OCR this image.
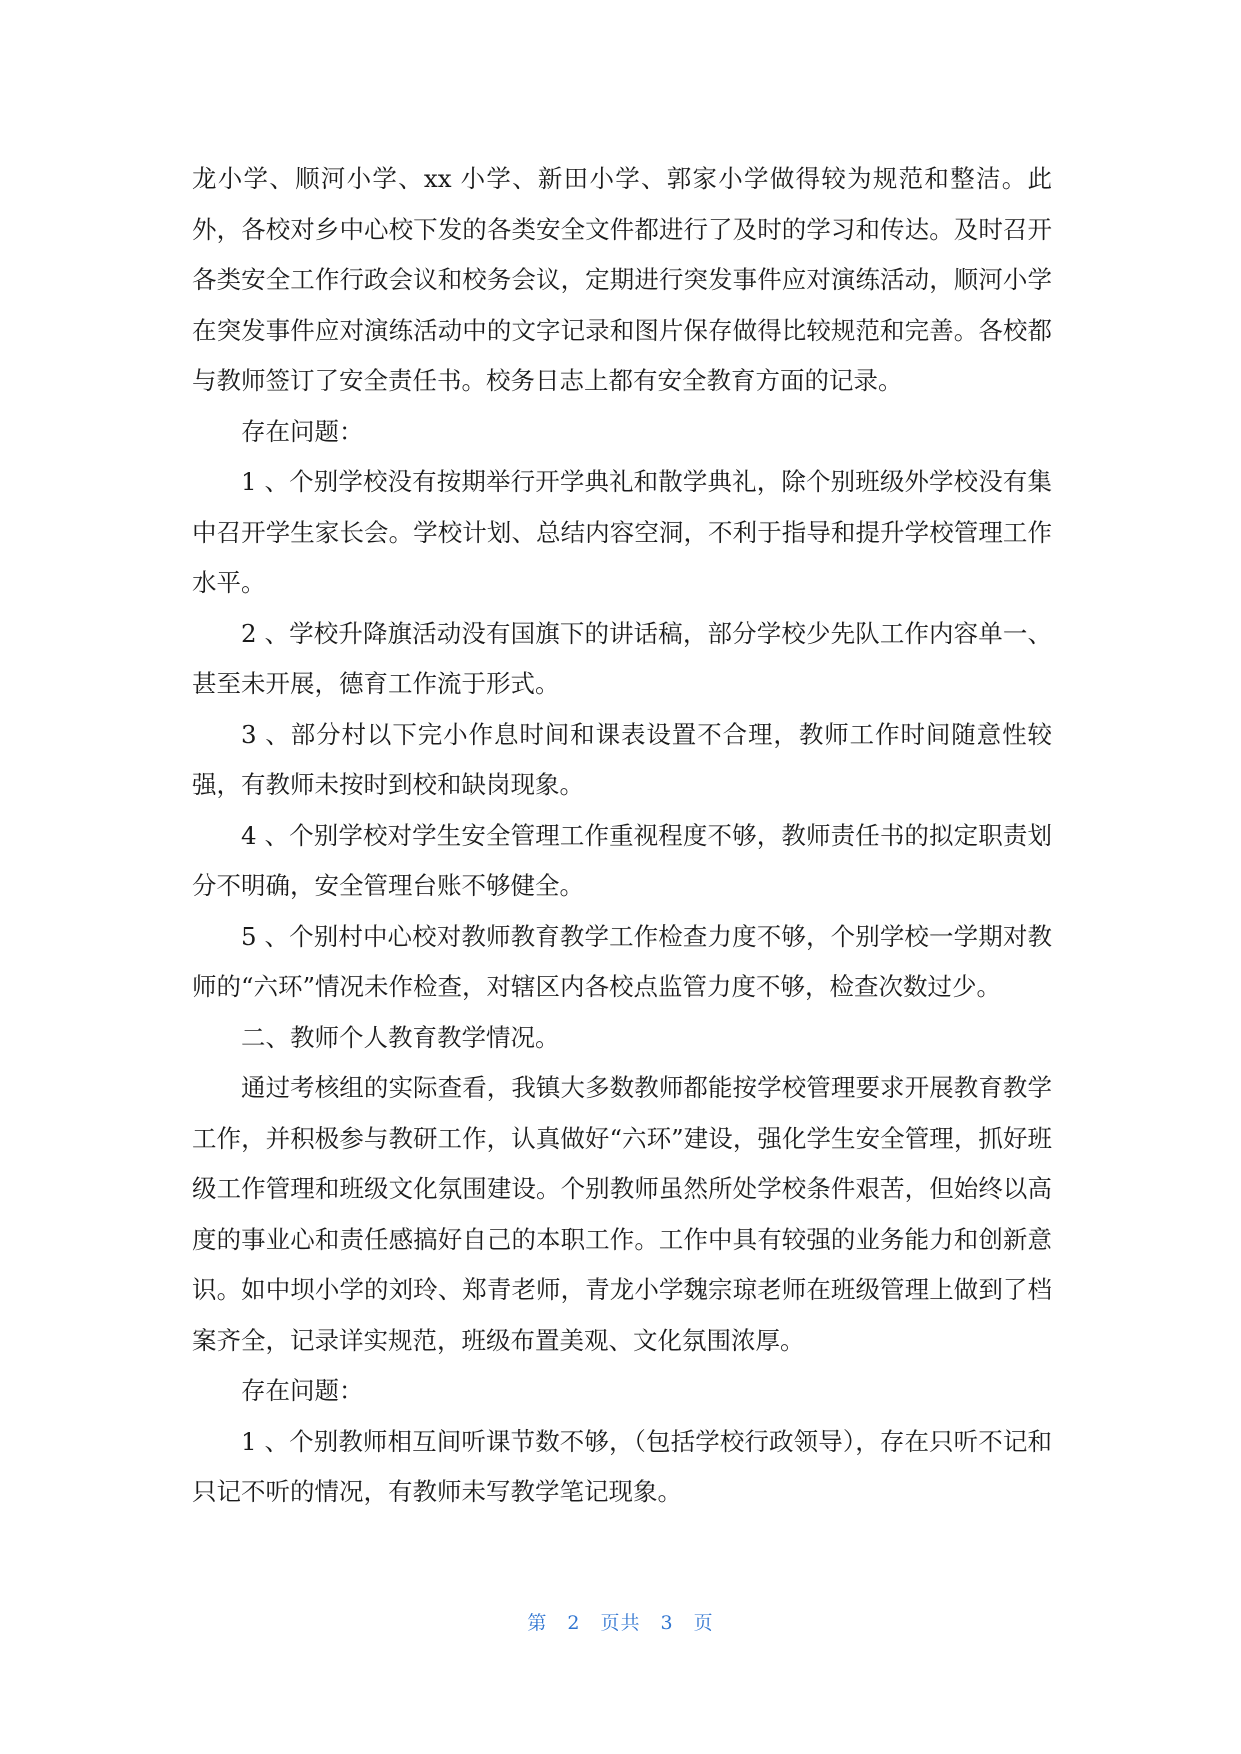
龙小学、顺河小学、xx 小学、新田小学、郭家小学做得较为规范和整洁。此外，各校对乡中心校下发的各类安全文件都进行了及时的学习和传达。及时召开各类安全工作行政会议和校务会议，定期进行突发事件应对演练活动，顺河小学在突发事件应对演练活动中的文字记录和图片保存做得比较规范和完善。各校都与教师签订了安全责任书。校务日志上都有安全教育方面的记录。

存在问题：

1 、个别学校没有按期举行开学典礼和散学典礼，除个别班级外学校没有集中召开学生家长会。学校计划、总结内容空洞，不利于指导和提升学校管理工作水平。

2 、学校升降旗活动没有国旗下的讲话稿，部分学校少先队工作内容单一、甚至未开展，德育工作流于形式。

3 、部分村以下完小作息时间和课表设置不合理，教师工作时间随意性较强，有教师未按时到校和缺岗现象。

4 、个别学校对学生安全管理工作重视程度不够，教师责任书的拟定职责划分不明确，安全管理台账不够健全。

5 、个别村中心校对教师教育教学工作检查力度不够，个别学校一学期对教师的“六环”情况未作检查，对辖区内各校点监管力度不够，检查次数过少。

二、教师个人教育教学情况。

通过考核组的实际查看，我镇大多数教师都能按学校管理要求开展教育教学工作，并积极参与教研工作，认真做好“六环”建设，强化学生安全管理，抓好班级工作管理和班级文化氛围建设。个别教师虽然所处学校条件艰苦，但始终以高度的事业心和责任感搞好自己的本职工作。工作中具有较强的业务能力和创新意识。如中坝小学的刘玲、郑青老师，青龙小学魏宗琼老师在班级管理上做到了档案齐全，记录详实规范，班级布置美观、文化氛围浓厚。

存在问题：

1 、个别教师相互间听课节数不够，（包括学校行政领导），存在只听不记和只记不听的情况，有教师未写教学笔记现象。

第 2 页共 3 页
